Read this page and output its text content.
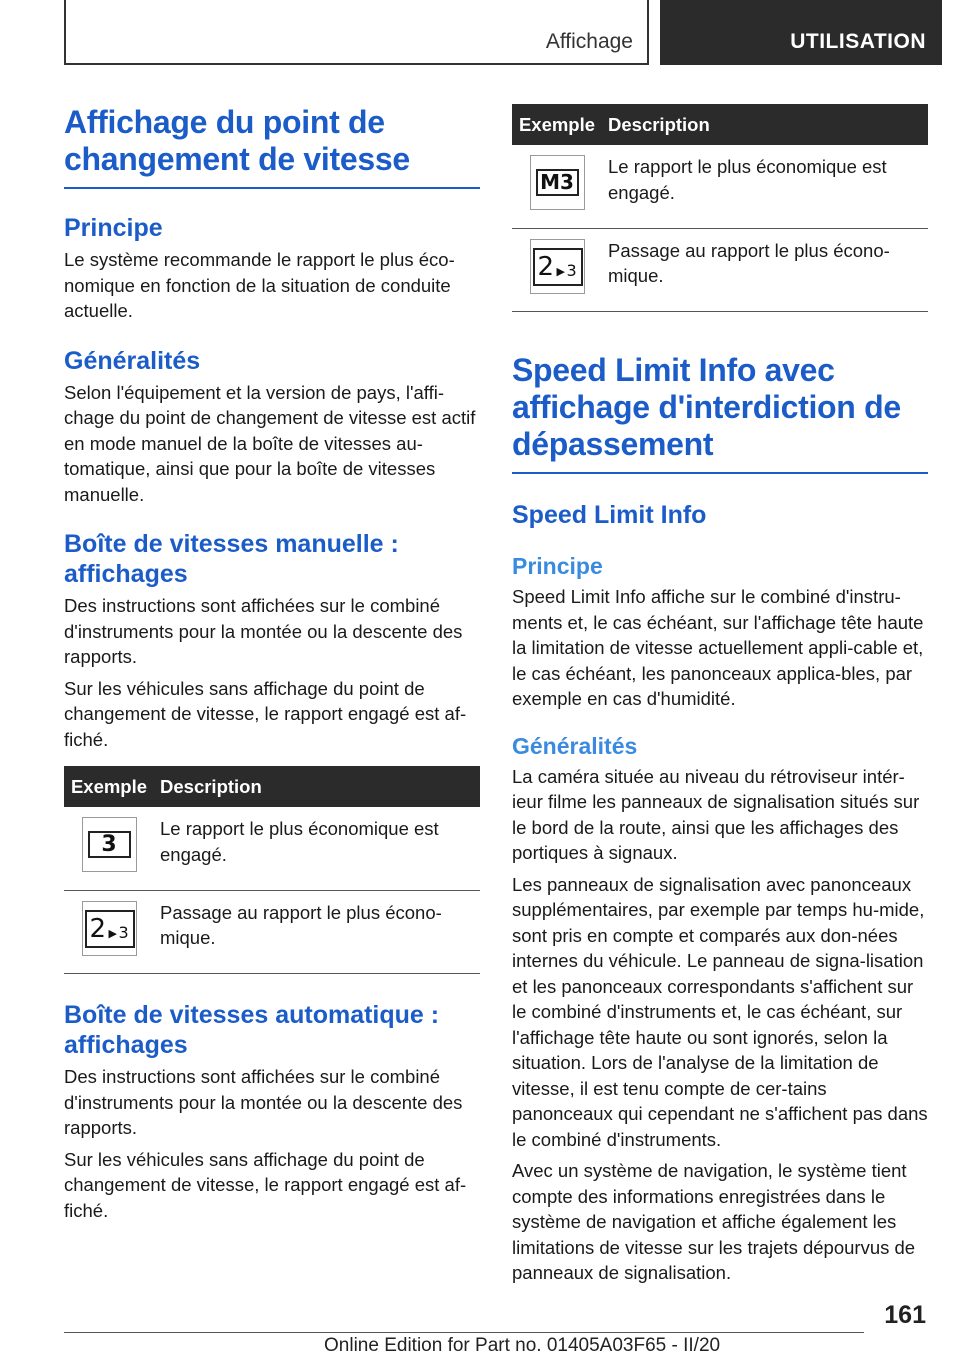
Affichage	UTILISATION
Affichage du point de changement de vitesse
Principe

Le système recommande le rapport le plus éco-nomique en fonction de la situation de conduite actuelle.

Généralités

Selon l'équipement et la version de pays, l'affi-chage du point de changement de vitesse est actif en mode manuel de la boîte de vitesses au-tomatique, ainsi que pour la boîte de vitesses manuelle.

Boîte de vitesses manuelle : affichages

Des instructions sont affichées sur le combiné d'instruments pour la montée ou la descente des rapports.

Sur les véhicules sans affichage du point de changement de vitesse, le rapport engagé est af-fiché.

Exemple	Description

3	Le rapport le plus économique est engagé.

2 ▶ 3	Passage au rapport le plus écono-mique.
Boîte de vitesses automatique : affichages

Des instructions sont affichées sur le combiné d'instruments pour la montée ou la descente des rapports.

Sur les véhicules sans affichage du point de changement de vitesse, le rapport engagé est af-fiché.

Exemple	Description

M3	Le rapport le plus économique est engagé.

2 ▶ 3	Passage au rapport le plus écono-mique.
Speed Limit Info avec affichage d'interdiction de dépassement
Speed Limit Info
Principe

Speed Limit Info affiche sur le combiné d'instru-ments et, le cas échéant, sur l'affichage tête haute la limitation de vitesse actuellement appli-cable et, le cas échéant, les panonceaux applica-bles, par exemple en cas d'humidité.

Généralités

La caméra située au niveau du rétroviseur intér-ieur filme les panneaux de signalisation situés sur le bord de la route, ainsi que les affichages des portiques à signaux.

Les panneaux de signalisation avec panonceaux supplémentaires, par exemple par temps hu-mide, sont pris en compte et comparés aux don-nées internes du véhicule. Le panneau de signa-lisation et les panonceaux correspondants s'affichent sur le combiné d'instruments et, le cas échéant, sur l'affichage tête haute ou sont ignorés, selon la situation. Lors de l'analyse de la limitation de vitesse, il est tenu compte de cer-tains panonceaux qui cependant ne s'affichent pas dans le combiné d'instruments.

Avec un système de navigation, le système tient compte des informations enregistrées dans le système de navigation et affiche également les limitations de vitesse sur les trajets dépourvus de panneaux de signalisation.

161
Online Edition for Part no. 01405A03F65 - II/20
